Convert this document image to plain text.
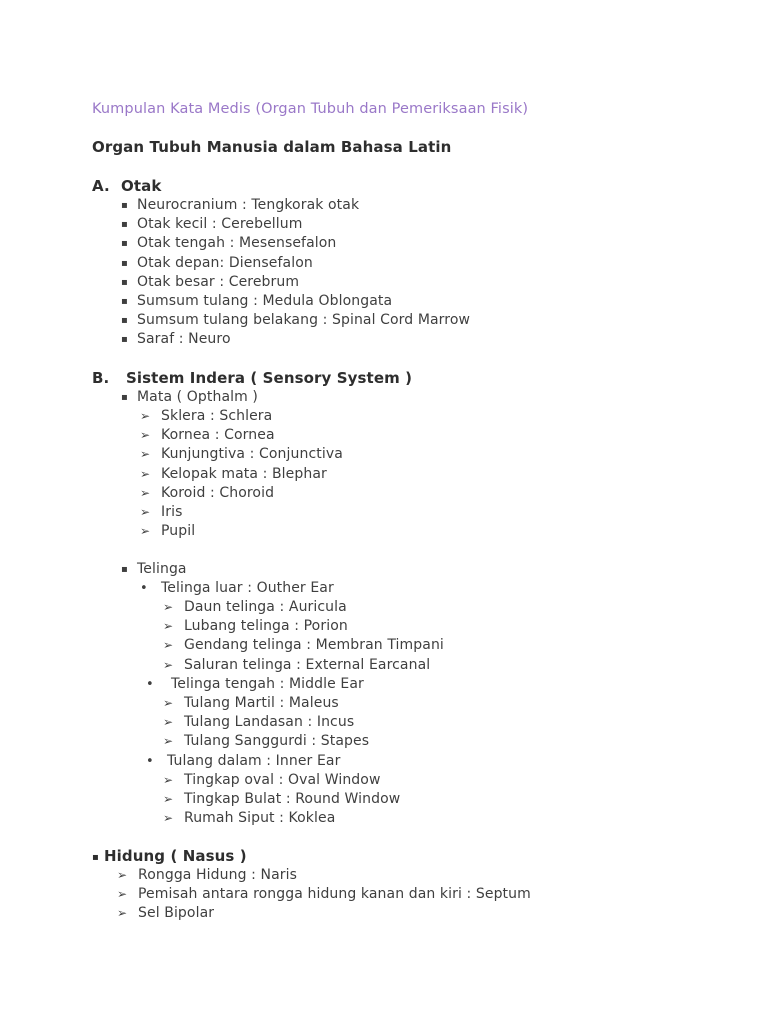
Kumpulan Kata Medis (Organ Tubuh dan Pemeriksaan Fisik)
Organ Tubuh Manusia dalam Bahasa Latin
A. Otak
B. Sistem Indera ( Sensory System )
▪ Neurocranium : Tengkorak otak
▪ Otak kecil : Cerebellum
▪ Otak tengah : Mesensefalon
▪ Otak depan: Diensefalon
▪ Otak besar : Cerebrum
▪ Sumsum tulang : Medula Oblongata
▪ Sumsum tulang belakang : Spinal Cord Marrow
▪ Saraf : Neuro
▪ Mata ( Opthalm )
➢ Sklera : Schlera
➢ Kornea : Cornea
➢ Kunjungtiva : Conjunctiva
➢ Kelopak mata : Blephar
➢ Koroid : Choroid
➢ Iris
➢ Pupil
▪ Telinga
• Telinga luar : Outher Ear
➢ Daun telinga : Auricula
➢ Lubang telinga : Porion
➢ Gendang telinga : Membran Timpani
➢ Saluran telinga : External Earcanal
• Telinga tengah : Middle Ear
➢ Tulang Martil : Maleus
➢ Tulang Landasan : Incus
➢ Tulang Sanggurdi : Stapes
• Tulang dalam : Inner Ear
➢ Tingkap oval : Oval Window
➢ Tingkap Bulat : Round Window
➢ Rumah Siput : Koklea
▪ Hidung ( Nasus )
➢ Rongga Hidung : Naris
➢ Pemisah antara rongga hidung kanan dan kiri : Septum
➢ Sel Bipolar
